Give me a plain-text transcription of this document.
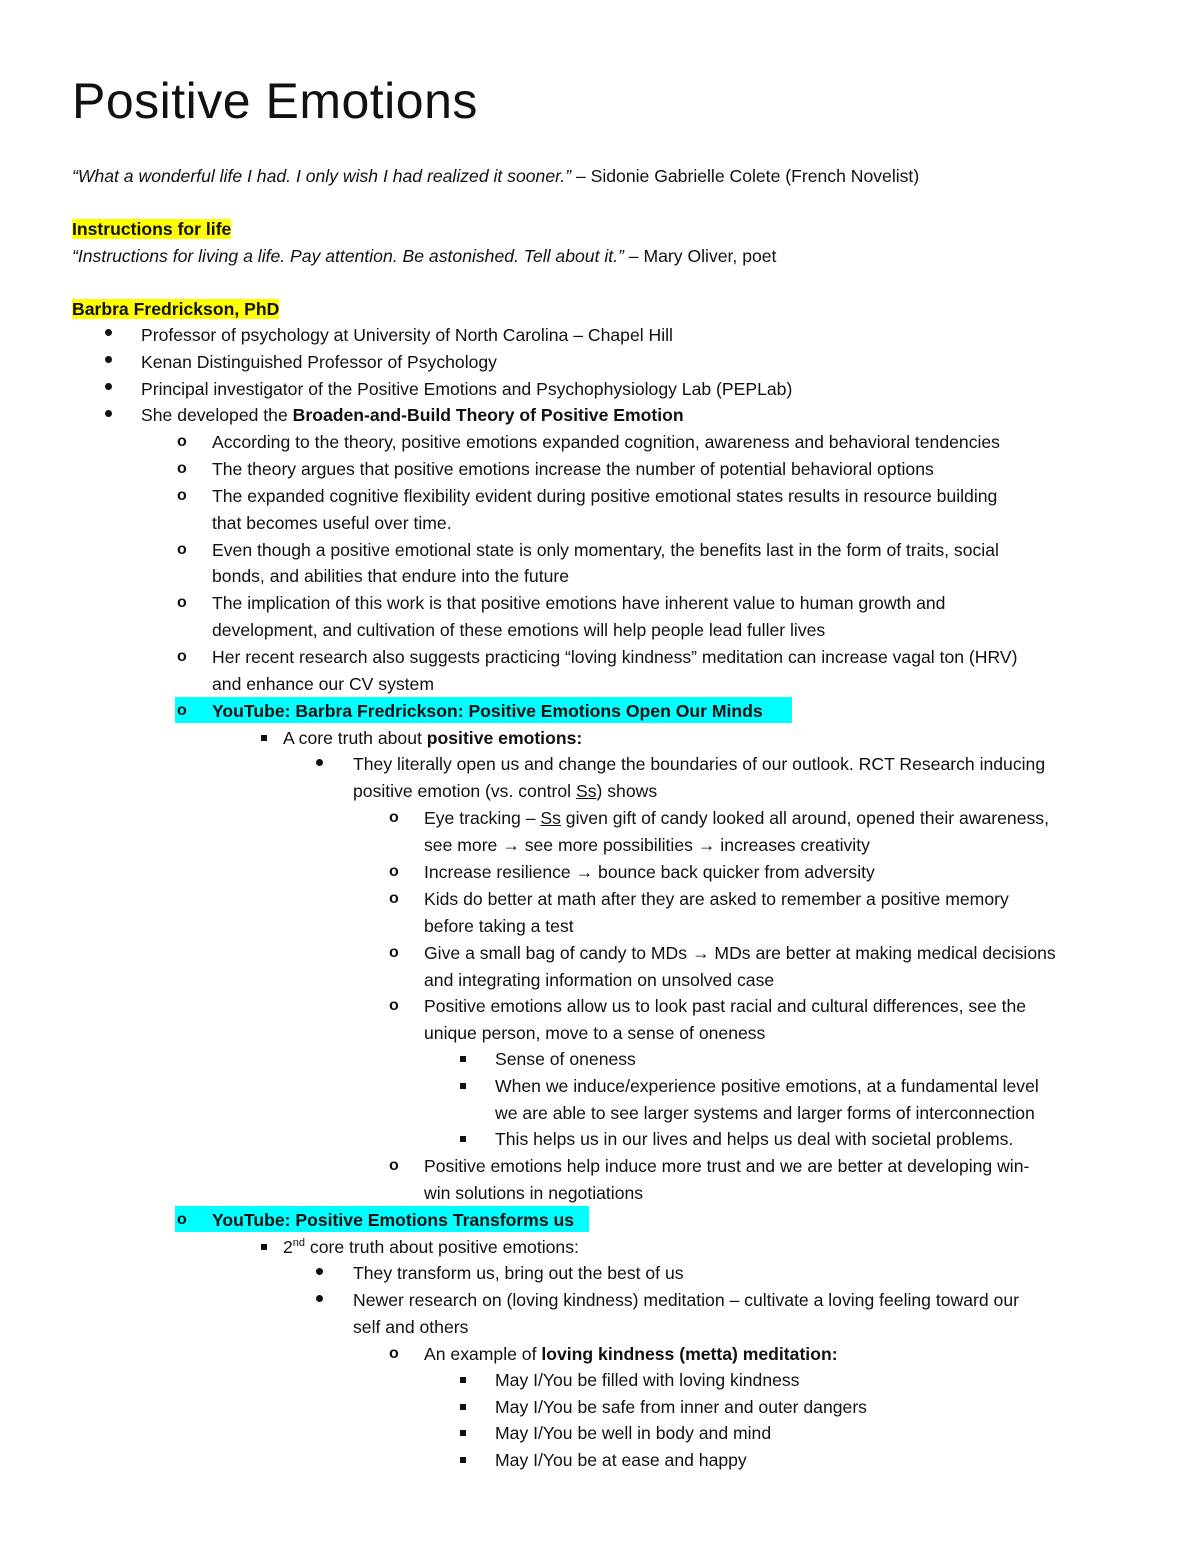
Positive Emotions
“What a wonderful life I had. I only wish I had realized it sooner.” – Sidonie Gabrielle Colete (French Novelist)
Instructions for life
“Instructions for living a life. Pay attention. Be astonished. Tell about it.” – Mary Oliver, poet
Barbra Fredrickson, PhD
Professor of psychology at University of North Carolina – Chapel Hill
Kenan Distinguished Professor of Psychology
Principal investigator of the Positive Emotions and Psychophysiology Lab (PEPLab)
She developed the Broaden-and-Build Theory of Positive Emotion
o According to the theory, positive emotions expanded cognition, awareness and behavioral tendencies
o The theory argues that positive emotions increase the number of potential behavioral options
o The expanded cognitive flexibility evident during positive emotional states results in resource building
that becomes useful over time.
o Even though a positive emotional state is only momentary, the benefits last in the form of traits, social
bonds, and abilities that endure into the future
o The implication of this work is that positive emotions have inherent value to human growth and
development, and cultivation of these emotions will help people lead fuller lives
o Her recent research also suggests practicing “loving kindness” meditation can increase vagal ton (HRV)
and enhance our CV system
o YouTube: Barbra Fredrickson: Positive Emotions Open Our Minds
A core truth about positive emotions:
They literally open us and change the boundaries of our outlook. RCT Research inducing
positive emotion (vs. control Ss) shows
o Eye tracking – Ss given gift of candy looked all around, opened their awareness,
see more → see more possibilities → increases creativity
o Increase resilience → bounce back quicker from adversity
o Kids do better at math after they are asked to remember a positive memory
before taking a test
o Give a small bag of candy to MDs → MDs are better at making medical decisions
and integrating information on unsolved case
o Positive emotions allow us to look past racial and cultural differences, see the
unique person, move to a sense of oneness
Sense of oneness
When we induce/experience positive emotions, at a fundamental level
we are able to see larger systems and larger forms of interconnection
This helps us in our lives and helps us deal with societal problems.
o Positive emotions help induce more trust and we are better at developing win-
win solutions in negotiations
o YouTube: Positive Emotions Transforms us
2nd core truth about positive emotions:
They transform us, bring out the best of us
Newer research on (loving kindness) meditation – cultivate a loving feeling toward our
self and others
o An example of loving kindness (metta) meditation:
May I/You be filled with loving kindness
May I/You be safe from inner and outer dangers
May I/You be well in body and mind
May I/You be at ease and happy
